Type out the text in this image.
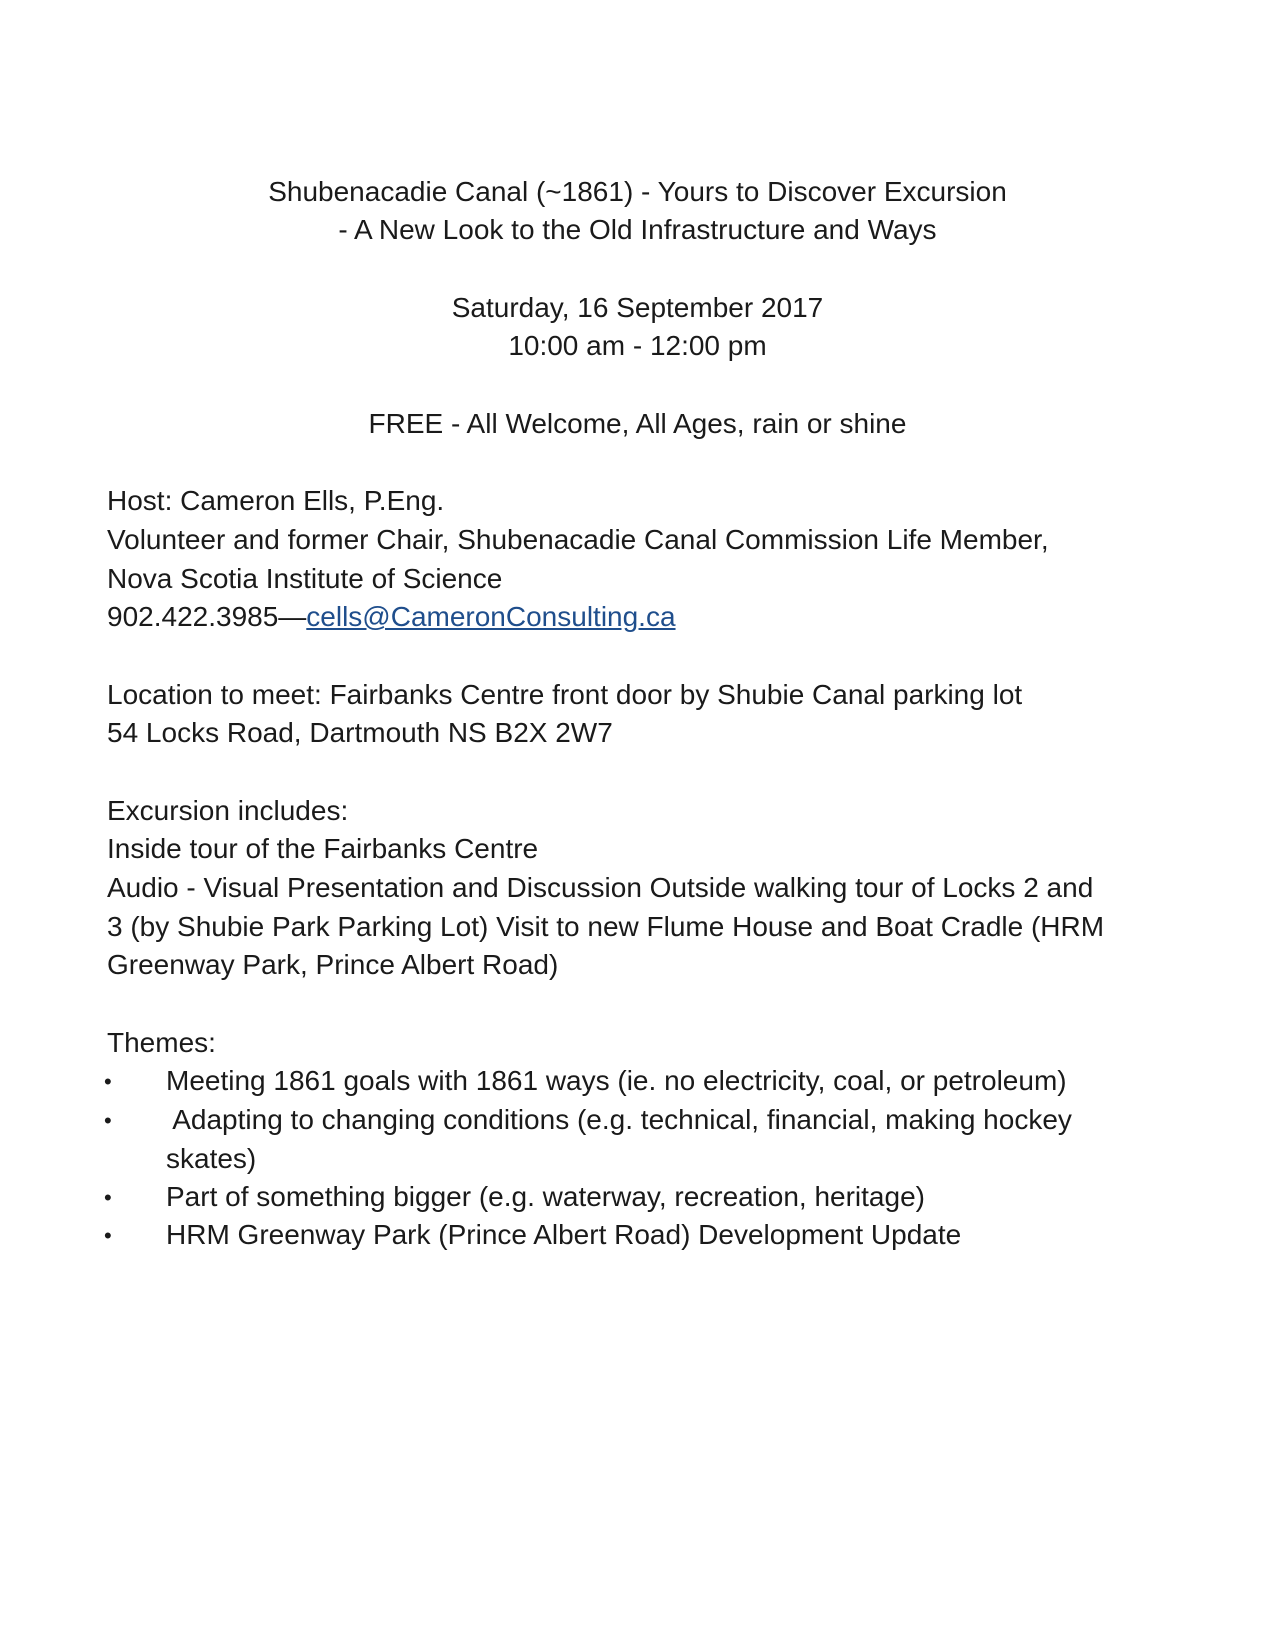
Shubenacadie Canal (~1861) - Yours to Discover Excursion
- A New Look to the Old Infrastructure and Ways
Saturday, 16 September 2017
10:00 am - 12:00 pm
FREE - All Welcome, All Ages, rain or shine
Host: Cameron Ells, P.Eng.
Volunteer and former Chair, Shubenacadie Canal Commission Life Member,
Nova Scotia Institute of Science
902.422.3985—cells@CameronConsulting.ca
Location to meet: Fairbanks Centre front door by Shubie Canal parking lot
54 Locks Road, Dartmouth NS B2X 2W7
Excursion includes:
Inside tour of the Fairbanks Centre
Audio - Visual Presentation and Discussion Outside walking tour of Locks 2 and
3 (by Shubie Park Parking Lot) Visit to new Flume House and Boat Cradle (HRM
Greenway Park, Prince Albert Road)
Themes:
• Meeting 1861 goals with 1861 ways (ie. no electricity, coal, or petroleum)
• Adapting to changing conditions (e.g. technical, financial, making hockey
skates)
• Part of something bigger (e.g. waterway, recreation, heritage)
• HRM Greenway Park (Prince Albert Road) Development Update
